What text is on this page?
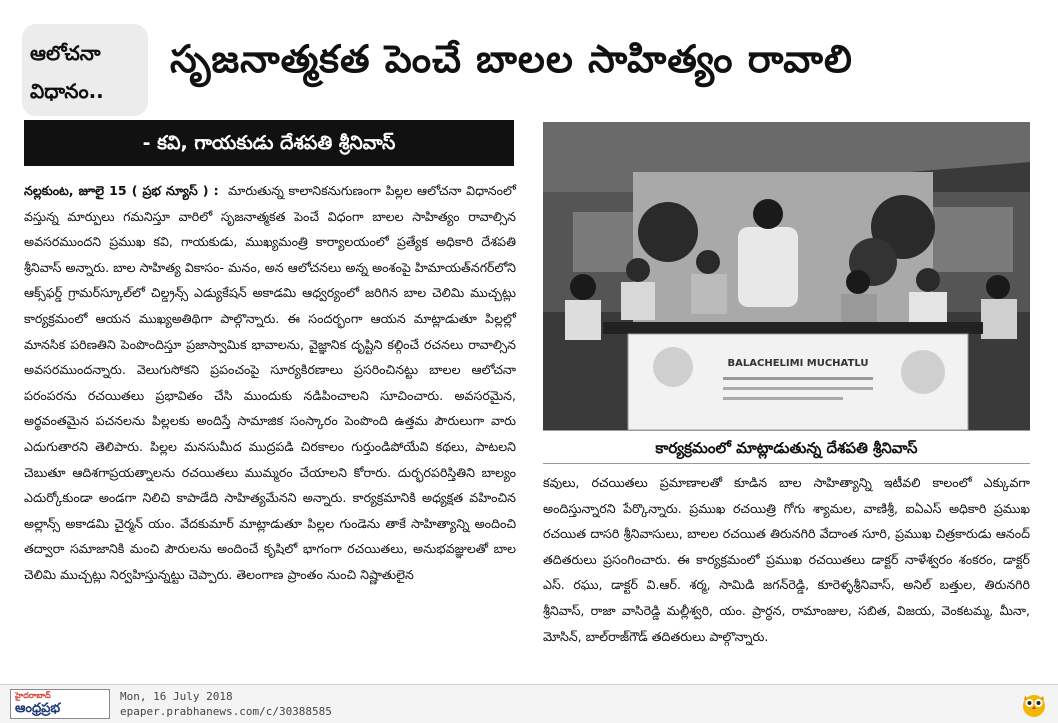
ఆలోచనా
విధానం..
సృజనాత్మకత పెంచే బాలల సాహిత్యం రావాలి
- కవి, గాయకుడు దేశపతి శ్రీనివాస్

నల్లకుంట, జూలై 15 ( ప్రభ న్యూస్ ) : మారుతున్న కాలానికనుగుణంగా పిల్లల ఆలోచనా విధానంలో వస్తున్న మార్పులు గమనిస్తూ వారిలో సృజనాత్మకత పెంచే విధంగా బాలల సాహిత్యం రావాల్సిన అవసరముందని ప్రముఖ కవి, గాయకుడు, ముఖ్యమంత్రి కార్యాలయంలో ప్రత్యేక అధికారి దేశపతి శ్రీనివాస్ అన్నారు. బాల సాహిత్య వికాసం- మనం, అన ఆలోచనలు అన్న అంశంపై హిమాయత్‌నగర్‌లోని ఆక్స్‌ఫర్డ్ గ్రామర్‌స్కూల్‌లో చిల్డ్రన్స్ ఎడ్యుకేషన్ అకాడమి ఆధ్వర్యంలో జరిగిన బాల చెలిమి ముచ్చట్లు కార్యక్రమంలో ఆయన ముఖ్యఅతిథిగా పాల్గొన్నారు. ఈ సందర్భంగా ఆయన మాట్లాడుతూ పిల్లల్లో మానసిక పరిణతిని పెంపొందిస్తూ ప్రజాస్వామిక భావాలను, వైజ్ఞానిక దృష్టిని కల్గించే రచనలు రావాల్సిన అవసరముందన్నారు. వెలుగుసోకని ప్రపంచంపై సూర్యకిరణాలు ప్రసరించినట్టు బాలల ఆలోచనా పరంపరను రచయితలు ప్రభావితం చేసి ముందుకు నడిపించాలని సూచించారు. అవసరమైన, అర్థవంతమైన పచనలను పిల్లలకు అందిస్తే సామాజిక సంస్కారం పెంపొంది ఉత్తమ పౌరులుగా వారు ఎదుగుతారని తెలిపారు. పిల్లల మనసుమీద ముద్రపడి చిరకాలం గుర్తుండిపోయేవి కథలు, పాటలని చెబుతూ ఆదిశగాప్రయత్నాలను రచయితలు ముమ్మరం చేయాలని కోరారు. దుర్భరపరిస్తితిని బాల్యం ఎదుర్కోకుండా అండగా నిలిచి కాపాడేది సాహిత్యమేనని అన్నారు. కార్యక్రమానికి అధ్యక్షత వహించిన అల్లాన్స్ అకాడమి చైర్మన్ యం. వేదకుమార్ మాట్లాడుతూ పిల్లల గుండెను తాకే సాహిత్యాన్ని అందించి తద్వారా సమాజానికి మంచి పౌరులను అందించే కృషిలో భాగంగా రచయితలు, అనుభవజ్ఞులతో బాల చెలిమి ముచ్చట్లు నిర్వహిస్తున్నట్టు చెప్పారు. తెలంగాణ ప్రాంతం నుంచి నిష్ణాతులైన

BALACHELIMI MUCHATLU
కార్యక్రమంలో మాట్లాడుతున్న దేశపతి శ్రీనివాస్

కవులు, రచయితలు ప్రమాణాలతో కూడిన బాల సాహిత్యాన్ని ఇటీవలి కాలంలో ఎక్కువగా అందిస్తున్నారని పేర్కొన్నారు. ప్రముఖ రచయిత్రి గోగు శ్యామల, వాణిశ్రీ, ఐఏఎస్ అధికారి ప్రముఖ రచయిత దాసరి శ్రీనివాసులు, బాలల రచయిత తిరునగిరి వేదాంత సూరి, ప్రముఖ చిత్రకారుడు ఆనంద్ తదితరులు ప్రసంగించారు. ఈ కార్యక్రమంలో ప్రముఖ రచయితలు డాక్టర్ నాళేశ్వరం శంకరం, డాక్టర్ ఎస్. రఘు, డాక్టర్ వి.ఆర్. శర్మ, సామిడి జగన్‌రెడ్డి, కూరెళ్ళశ్రీనివాస్, అనిల్ బత్తుల, తిరునగిరి శ్రీనివాస్, రాజా వాసిరెడ్డి మల్లీశ్వరి, యం. ప్రార్ధన, రామాంజుల, సబిత, విజయ, వెంకటమ్మ, మీనా, మోసిన్, బాల్‌రాజ్‌గౌడ్ తదితరులు పాల్గొన్నారు.

హైదరాబాద్
ఆంధ్రప్రభ
Mon, 16 July 2018
epaper.prabhanews.com/c/30388585
